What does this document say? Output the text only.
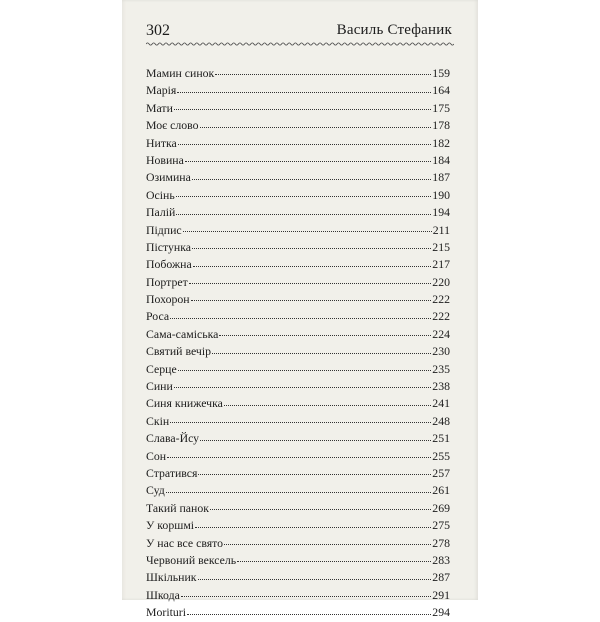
302	Василь Стефаник
Мамин синок	159
Марія	164
Мати	175
Моє слово	178
Нитка	182
Новина	184
Озимина	187
Осінь	190
Палій	194
Підпис	211
Пістунка	215
Побожна	217
Портрет	220
Похорон	222
Роса	222
Сама-саміська	224
Святий вечір	230
Серце	235
Сини	238
Синя книжечка	241
Скін	248
Слава-Йсу	251
Сон	255
Стратився	257
Суд	261
Такий панок	269
У коршмі	275
У нас все свято	278
Червоний вексель	283
Шкільник	287
Шкода	291
Moriturі	294
